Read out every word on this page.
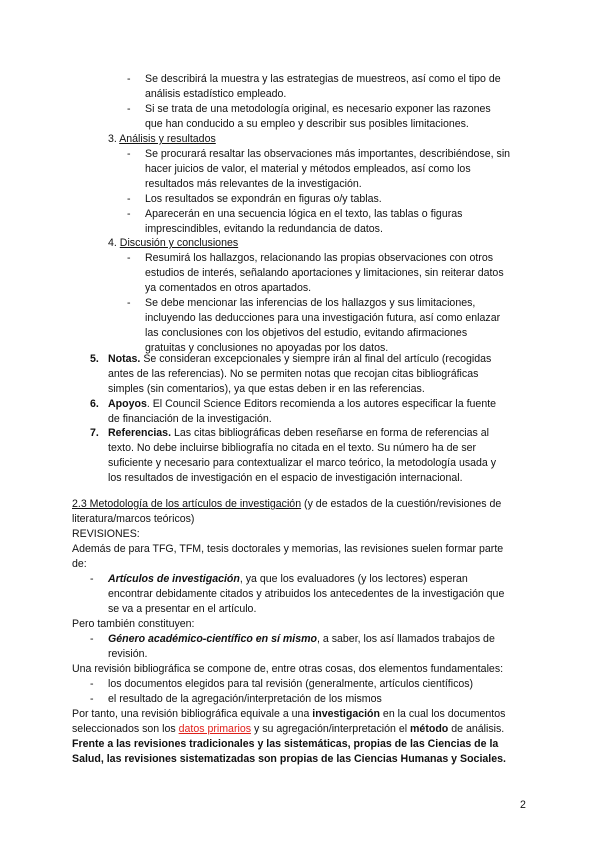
- Se describirá la muestra y las estrategias de muestreos, así como el tipo de
análisis estadístico empleado.
- Si se trata de una metodología original, es necesario exponer las razones
que han conducido a su empleo y describir sus posibles limitaciones.
3. Análisis y resultados
- Se procurará resaltar las observaciones más importantes, describiéndose, sin
hacer juicios de valor, el material y métodos empleados, así como los
resultados más relevantes de la investigación.
- Los resultados se expondrán en figuras o/y tablas.
- Aparecerán en una secuencia lógica en el texto, las tablas o figuras
imprescindibles, evitando la redundancia de datos.
4. Discusión y conclusiones
- Resumirá los hallazgos, relacionando las propias observaciones con otros
estudios de interés, señalando aportaciones y limitaciones, sin reiterar datos
ya comentados en otros apartados.
- Se debe mencionar las inferencias de los hallazgos y sus limitaciones,
incluyendo las deducciones para una investigación futura, así como enlazar
las conclusiones con los objetivos del estudio, evitando afirmaciones
gratuitas y conclusiones no apoyadas por los datos.
5. Notas. Se consideran excepcionales y siempre irán al final del artículo (recogidas
antes de las referencias). No se permiten notas que recojan citas bibliográficas
simples (sin comentarios), ya que estas deben ir en las referencias.
6. Apoyos. El Council Science Editors recomienda a los autores especificar la fuente
de financiación de la investigación.
7. Referencias. Las citas bibliográficas deben reseñarse en forma de referencias al
texto. No debe incluirse bibliografía no citada en el texto. Su número ha de ser
suficiente y necesario para contextualizar el marco teórico, la metodología usada y
los resultados de investigación en el espacio de investigación internacional.
2.3 Metodología de los artículos de investigación (y de estados de la cuestión/revisiones de
literatura/marcos teóricos)
REVISIONES:
Además de para TFG, TFM, tesis doctorales y memorias, las revisiones suelen formar parte
de:
- Artículos de investigación, ya que los evaluadores (y los lectores) esperan
encontrar debidamente citados y atribuidos los antecedentes de la investigación que
se va a presentar en el artículo.
Pero también constituyen:
- Género académico-científico en sí mismo, a saber, los así llamados trabajos de
revisión.
Una revisión bibliográfica se compone de, entre otras cosas, dos elementos fundamentales:
- los documentos elegidos para tal revisión (generalmente, artículos científicos)
- el resultado de la agregación/interpretación de los mismos
Por tanto, una revisión bibliográfica equivale a una investigación en la cual los documentos
seleccionados son los datos primarios y su agregación/interpretación el método de análisis.
Frente a las revisiones tradicionales y las sistemáticas, propias de las Ciencias de la
Salud, las revisiones sistematizadas son propias de las Ciencias Humanas y Sociales.
2
